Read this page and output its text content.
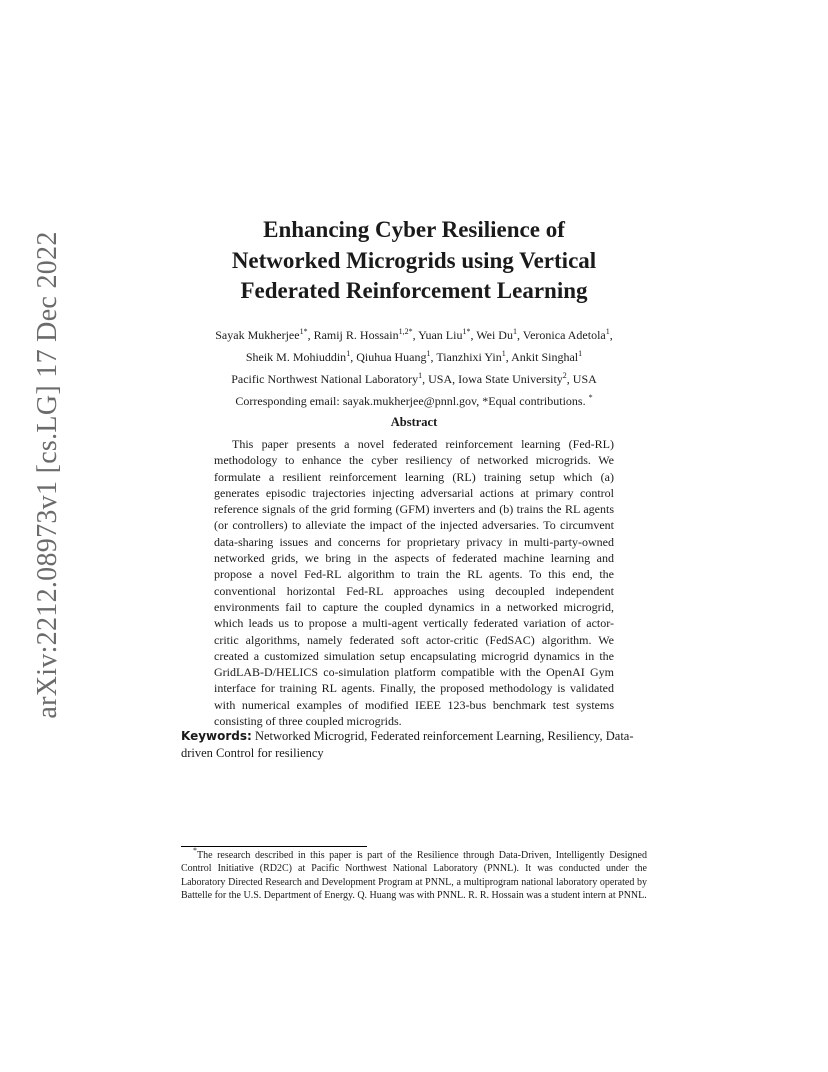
arXiv:2212.08973v1 [cs.LG] 17 Dec 2022
Enhancing Cyber Resilience of
Networked Microgrids using Vertical
Federated Reinforcement Learning
Sayak Mukherjee$^{1*}$, Ramij R. Hossain$^{1,2*}$, Yuan Liu$^{1*}$, Wei Du$^1$, Veronica Adetola$^1$,
Sheik M. Mohiuddin$^1$, Qiuhua Huang$^1$, Tianzhixi Yin$^1$, Ankit Singhal$^1$
Pacific Northwest National Laboratory$^1$, USA, Iowa State University$^2$, USA
Corresponding email: sayak.mukherjee@pnnl.gov, *Equal contributions. *
Abstract

This paper presents a novel federated reinforcement learning (Fed-RL) methodology to enhance the cyber resiliency of networked microgrids. We formulate a resilient reinforcement learning (RL) training setup which (a) generates episodic trajectories injecting adversarial actions at primary control reference signals of the grid forming (GFM) inverters and (b) trains the RL agents (or controllers) to alleviate the impact of the injected adversaries. To circumvent data-sharing issues and concerns for proprietary privacy in multi-party-owned networked grids, we bring in the aspects of federated machine learning and propose a novel Fed-RL algorithm to train the RL agents. To this end, the conventional horizontal Fed-RL approaches using decoupled independent environments fail to capture the coupled dynamics in a networked microgrid, which leads us to propose a multi-agent vertically federated variation of actor-critic algorithms, namely federated soft actor-critic (FedSAC) algorithm. We created a customized simulation setup encapsulating microgrid dynamics in the GridLAB-D/HELICS co-simulation platform compatible with the OpenAI Gym interface for training RL agents. Finally, the proposed methodology is validated with numerical examples of modified IEEE 123-bus benchmark test systems consisting of three coupled microgrids.

Keywords: Networked Microgrid, Federated reinforcement Learning, Resiliency, Data-driven Control for resiliency

*The research described in this paper is part of the Resilience through Data-Driven, Intelligently Designed Control Initiative (RD2C) at Pacific Northwest National Laboratory (PNNL). It was conducted under the Laboratory Directed Research and Development Program at PNNL, a multiprogram national laboratory operated by Battelle for the U.S. Department of Energy. Q. Huang was with PNNL. R. R. Hossain was a student intern at PNNL.
